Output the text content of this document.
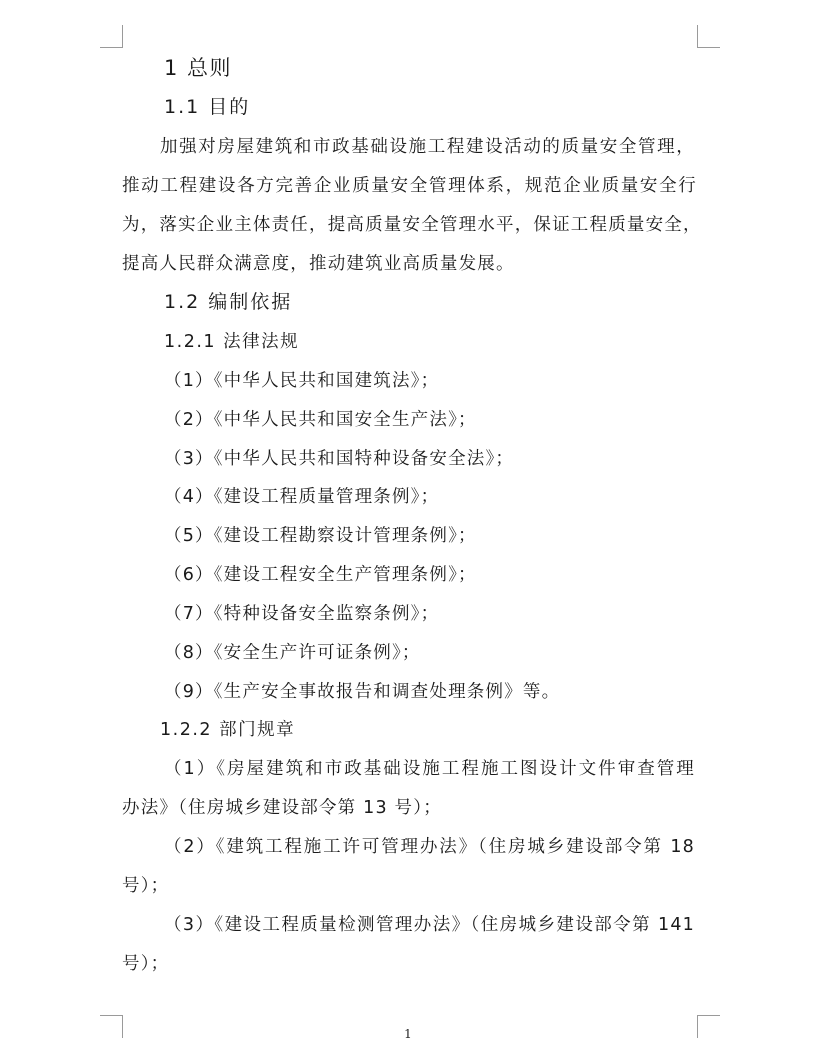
1 总则
1.1 目的
加强对房屋建筑和市政基础设施工程建设活动的质量安全管理，
推动工程建设各方完善企业质量安全管理体系，规范企业质量安全行
为，落实企业主体责任，提高质量安全管理水平，保证工程质量安全，
提高人民群众满意度，推动建筑业高质量发展。
1.2 编制依据
1.2.1 法律法规
（1）《中华人民共和国建筑法》；
（2）《中华人民共和国安全生产法》；
（3）《中华人民共和国特种设备安全法》；
（4）《建设工程质量管理条例》；
（5）《建设工程勘察设计管理条例》；
（6）《建设工程安全生产管理条例》；
（7）《特种设备安全监察条例》；
（8）《安全生产许可证条例》；
（9）《生产安全事故报告和调查处理条例》等。
1.2.2 部门规章
（1）《房屋建筑和市政基础设施工程施工图设计文件审查管理
办法》（住房城乡建设部令第 13 号）；
（2）《建筑工程施工许可管理办法》（住房城乡建设部令第 18
号）；
（3）《建设工程质量检测管理办法》（住房城乡建设部令第 141
号）；
1
